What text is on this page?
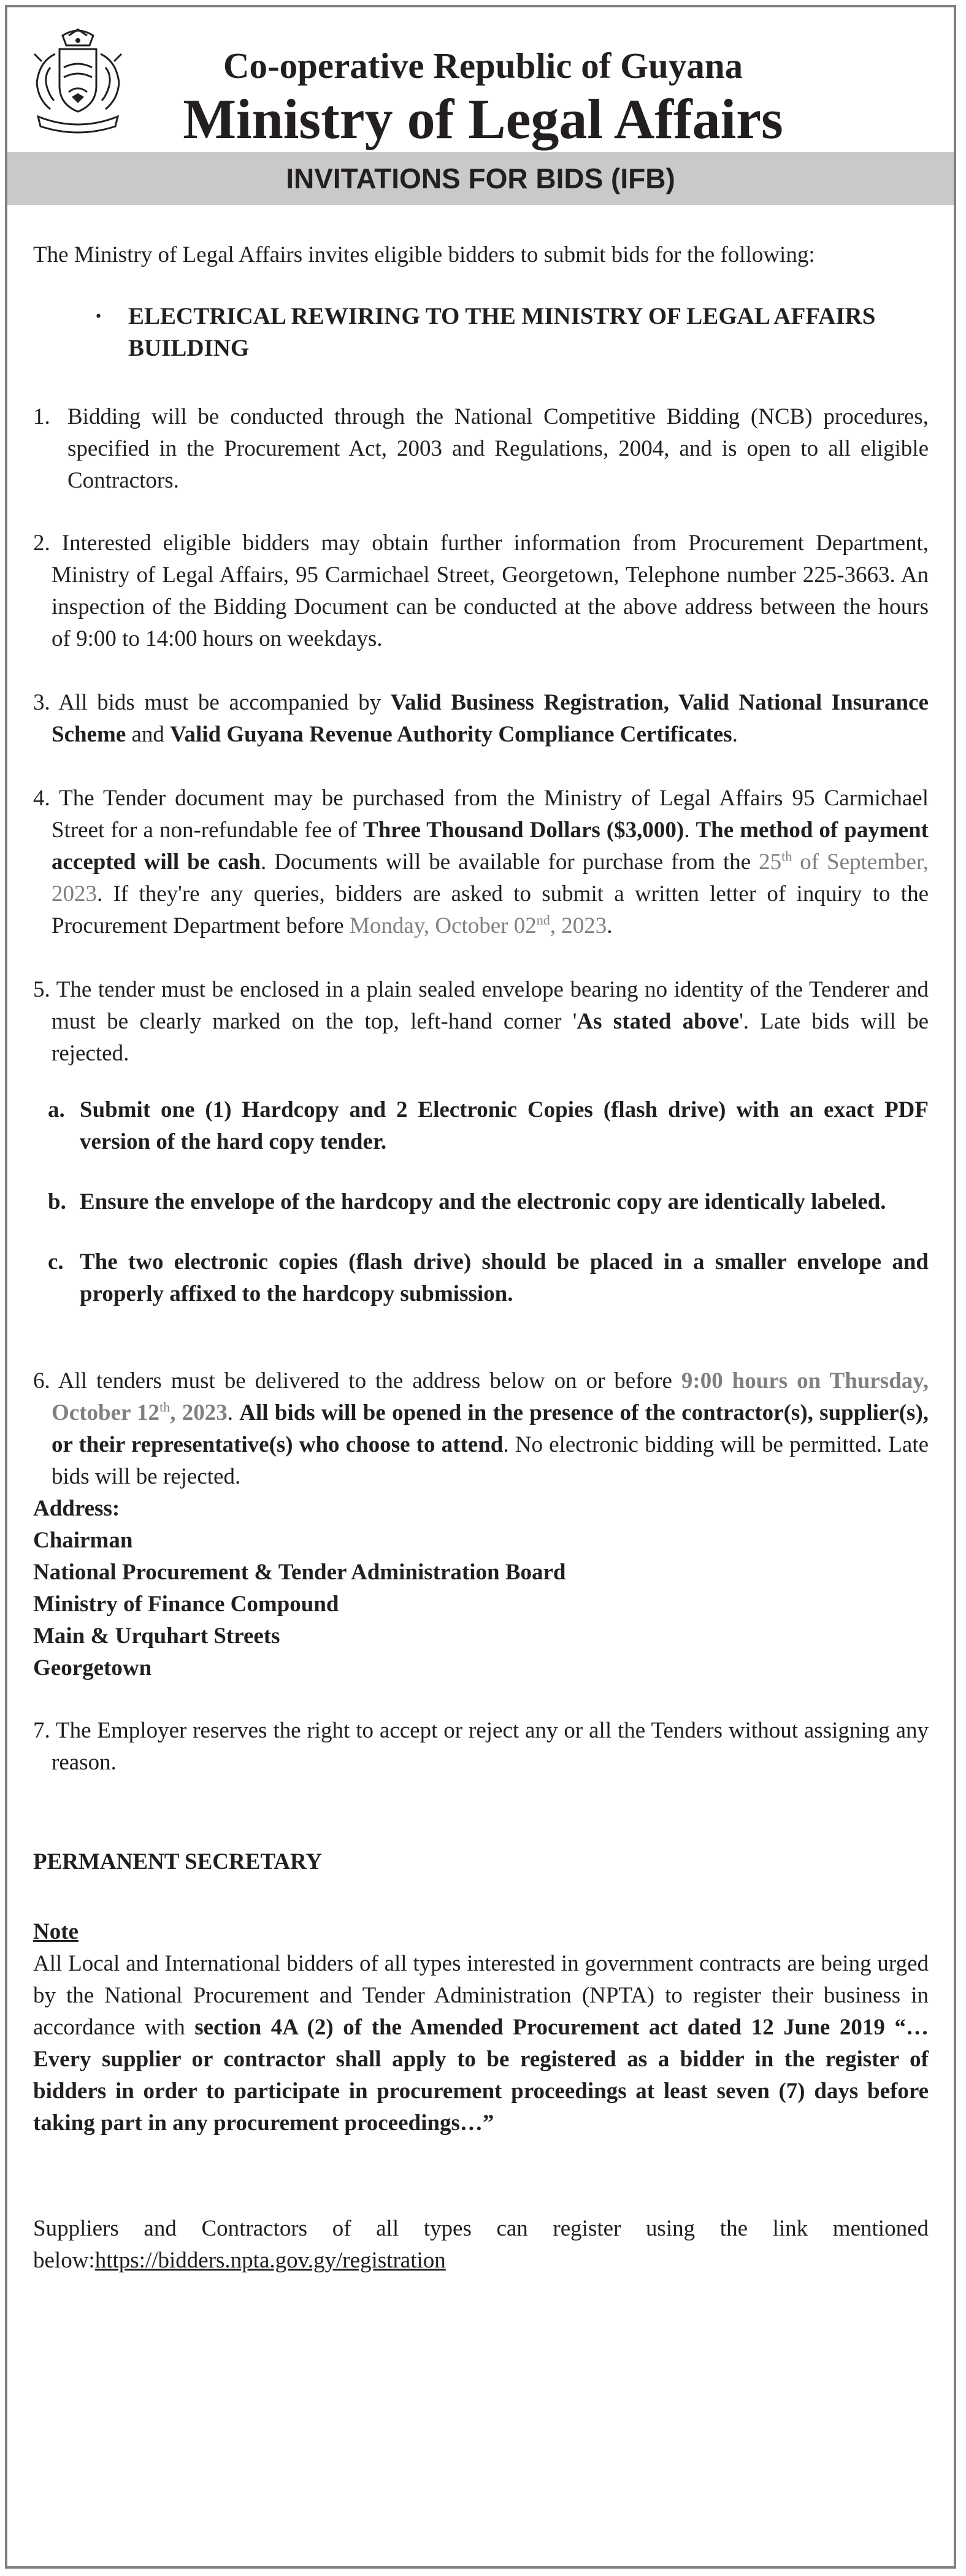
Co-operative Republic of Guyana
Ministry of Legal Affairs
INVITATIONS FOR BIDS (IFB)

The Ministry of Legal Affairs invites eligible bidders to submit bids for the following:

· ELECTRICAL REWIRING TO THE MINISTRY OF LEGAL AFFAIRS BUILDING
1. Bidding will be conducted through the National Competitive Bidding (NCB) procedures, specified in the Procurement Act, 2003 and Regulations, 2004, and is open to all eligible Contractors.

2. Interested eligible bidders may obtain further information from Procurement Department, Ministry of Legal Affairs, 95 Carmichael Street, Georgetown, Telephone number 225-3663. An inspection of the Bidding Document can be conducted at the above address between the hours of 9:00 to 14:00 hours on weekdays.

3. All bids must be accompanied by Valid Business Registration, Valid National Insurance Scheme and Valid Guyana Revenue Authority Compliance Certificates.

4. The Tender document may be purchased from the Ministry of Legal Affairs 95 Carmichael Street for a non-refundable fee of Three Thousand Dollars ($3,000). The method of payment accepted will be cash. Documents will be available for purchase from the 25th of September, 2023. If they're any queries, bidders are asked to submit a written letter of inquiry to the Procurement Department before Monday, October 02nd, 2023.

5. The tender must be enclosed in a plain sealed envelope bearing no identity of the Tenderer and must be clearly marked on the top, left-hand corner 'As stated above'. Late bids will be rejected.

a. Submit one (1) Hardcopy and 2 Electronic Copies (flash drive) with an exact PDF version of the hard copy tender.
b. Ensure the envelope of the hardcopy and the electronic copy are identically labeled.
c. The two electronic copies (flash drive) should be placed in a smaller envelope and properly affixed to the hardcopy submission.

6. All tenders must be delivered to the address below on or before 9:00 hours on Thursday, October 12th, 2023. All bids will be opened in the presence of the contractor(s), supplier(s), or their representative(s) who choose to attend. No electronic bidding will be permitted. Late bids will be rejected.

Address:
Chairman
National Procurement & Tender Administration Board
Ministry of Finance Compound
Main & Urquhart Streets
Georgetown

7. The Employer reserves the right to accept or reject any or all the Tenders without assigning any reason.

PERMANENT SECRETARY
Note

All Local and International bidders of all types interested in government contracts are being urged by the National Procurement and Tender Administration (NPTA) to register their business in accordance with section 4A (2) of the Amended Procurement act dated 12 June 2019 “…Every supplier or contractor shall apply to be registered as a bidder in the register of bidders in order to participate in procurement proceedings at least seven (7) days before taking part in any procurement proceedings…”

Suppliers and Contractors of all types can register using the link mentioned below:https://bidders.npta.gov.gy/registration
